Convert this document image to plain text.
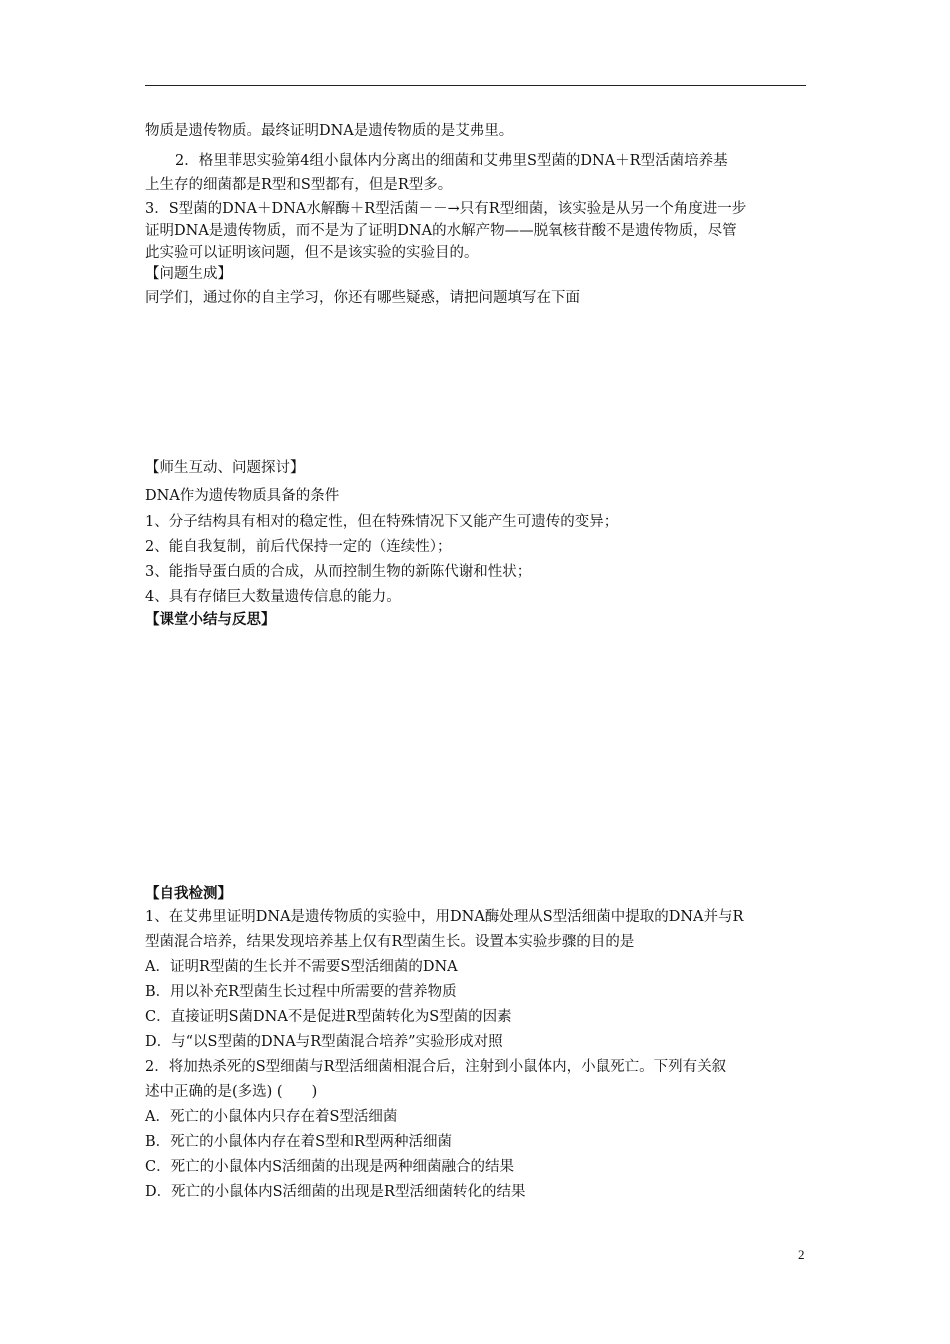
物质是遗传物质。最终证明DNA是遗传物质的是艾弗里。
2．格里菲思实验第4组小鼠体内分离出的细菌和艾弗里S型菌的DNA＋R型活菌培养基
上生存的细菌都是R型和S型都有，但是R型多。
3．S型菌的DNA＋DNA水解酶＋R型活菌－－→只有R型细菌，该实验是从另一个角度进一步
证明DNA是遗传物质，而不是为了证明DNA的水解产物——脱氧核苷酸不是遗传物质，尽管
此实验可以证明该问题，但不是该实验的实验目的。
【问题生成】
同学们，通过你的自主学习，你还有哪些疑惑，请把问题填写在下面
【师生互动、问题探讨】
DNA作为遗传物质具备的条件
1、分子结构具有相对的稳定性，但在特殊情况下又能产生可遗传的变异；
2、能自我复制，前后代保持一定的（连续性）；
3、能指导蛋白质的合成，从而控制生物的新陈代谢和性状；
4、具有存储巨大数量遗传信息的能力。
【课堂小结与反思】
【自我检测】
1、在艾弗里证明DNA是遗传物质的实验中，用DNA酶处理从S型活细菌中提取的DNA并与R
型菌混合培养，结果发现培养基上仅有R型菌生长。设置本实验步骤的目的是
A．证明R型菌的生长并不需要S型活细菌的DNA
B．用以补充R型菌生长过程中所需要的营养物质
C．直接证明S菌DNA不是促进R型菌转化为S型菌的因素
D．与“以S型菌的DNA与R型菌混合培养”实验形成对照
2．将加热杀死的S型细菌与R型活细菌相混合后，注射到小鼠体内，小鼠死亡。下列有关叙
述中正确的是(多选) (　　)
A．死亡的小鼠体内只存在着S型活细菌
B．死亡的小鼠体内存在着S型和R型两种活细菌
C．死亡的小鼠体内S活细菌的出现是两种细菌融合的结果
D．死亡的小鼠体内S活细菌的出现是R型活细菌转化的结果
2
